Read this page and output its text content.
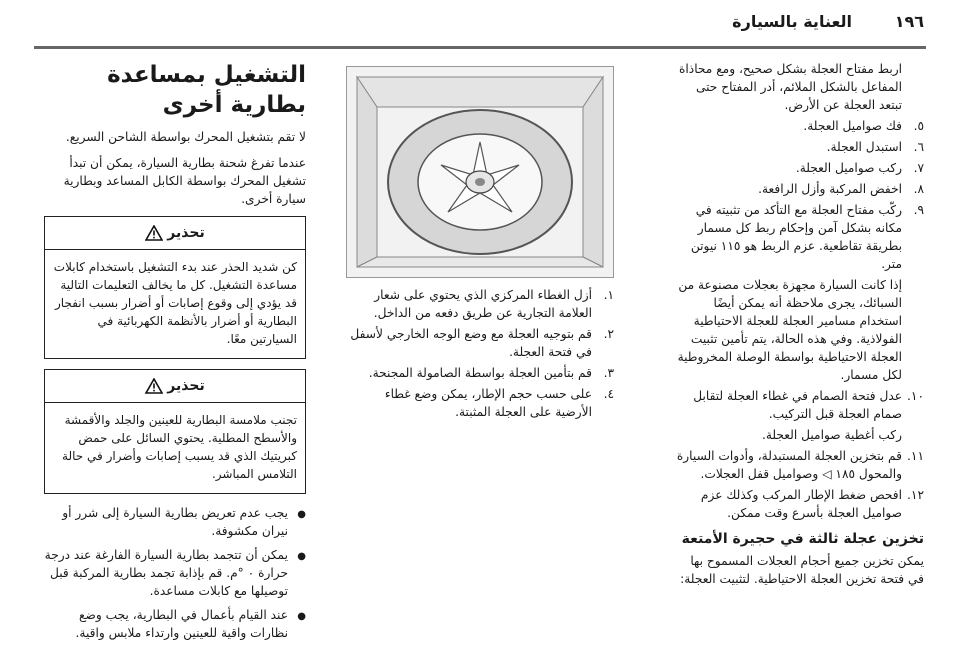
١٩٦
العناية بالسيارة

اربط مفتاح العجلة بشكل صحيح، ومع محاذاة المفاعل بالشكل الملائم، أدر المفتاح حتى تبتعد العجلة عن الأرض.

٥.
فك صواميل العجلة.
٦.
استبدل العجلة.
٧.
ركب صواميل العجلة.
٨.
اخفض المركبة وأزل الرافعة.
٩.
ركّب مفتاح العجلة مع التأكد من تثبيته في مكانه بشكل آمن وإحكام ربط كل مسمار بطريقة تقاطعية. عزم الربط هو ١١٥ نيوتن متر.

إذا كانت السيارة مجهزة بعجلات مصنوعة من السبائك، يجرى ملاحظة أنه يمكن أيضًا استخدام مسامير العجلة للعجلة الاحتياطية الفولاذية. وفي هذه الحالة، يتم تأمين تثبيت العجلة الاحتياطية بواسطة الوصلة المخروطية لكل مسمار.

١٠.
عدل فتحة الصمام في غطاء العجلة لتقابل صمام العجلة قبل التركيب.

ركب أغطية صواميل العجلة.

١١.
قم بتخزين العجلة المستبدلة، وأدوات السيارة والمحول ١٨٥ ◁ وصواميل قفل العجلات.
١٢.
افحص ضغط الإطار المركب وكذلك عزم صواميل العجلة بأسرع وقت ممكن.
تخزين عجلة ثالثة في حجيرة الأمتعة

يمكن تخزين جميع أحجام العجلات المسموح بها في فتحة تخزين العجلة الاحتياطية. لتثبيت العجلة:

١.
أزل الغطاء المركزي الذي يحتوي على شعار العلامة التجارية عن طريق دفعه من الداخل.
٢.
قم بتوجيه العجلة مع وضع الوجه الخارجي لأسفل في فتحة العجلة.
٣.
قم بتأمين العجلة بواسطة الصامولة المجنحة.
٤.
على حسب حجم الإطار، يمكن وضع غطاء الأرضية على العجلة المثبتة.
التشغيل بمساعدة بطارية أخرى

لا تقم بتشغيل المحرك بواسطة الشاحن السريع.

عندما تفرغ شحنة بطارية السيارة، يمكن أن تبدأ تشغيل المحرك بواسطة الكابل المساعد وبطارية سيارة أخرى.

تحذير
كن شديد الحذر عند بدء التشغيل باستخدام كابلات مساعدة التشغيل. كل ما يخالف التعليمات التالية قد يؤدي إلى وقوع إصابات أو أضرار بسبب انفجار البطارية أو أضرار بالأنظمة الكهربائية في السيارتين معًا.
تحذير
تجنب ملامسة البطارية للعينين والجلد والأقمشة والأسطح المطلية. يحتوي السائل على حمض كبريتيك الذي قد يسبب إصابات وأضرار في حالة التلامس المباشر.
●
يجب عدم تعريض بطارية السيارة إلى شرر أو نيران مكشوفة.
●
يمكن أن تتجمد بطارية السيارة الفارغة عند درجة حرارة ٠ °م. قم بإذابة تجمد بطارية المركبة قبل توصيلها مع كابلات مساعدة.
●
عند القيام بأعمال في البطارية، يجب وضع نظارات واقية للعينين وارتداء ملابس واقية.
